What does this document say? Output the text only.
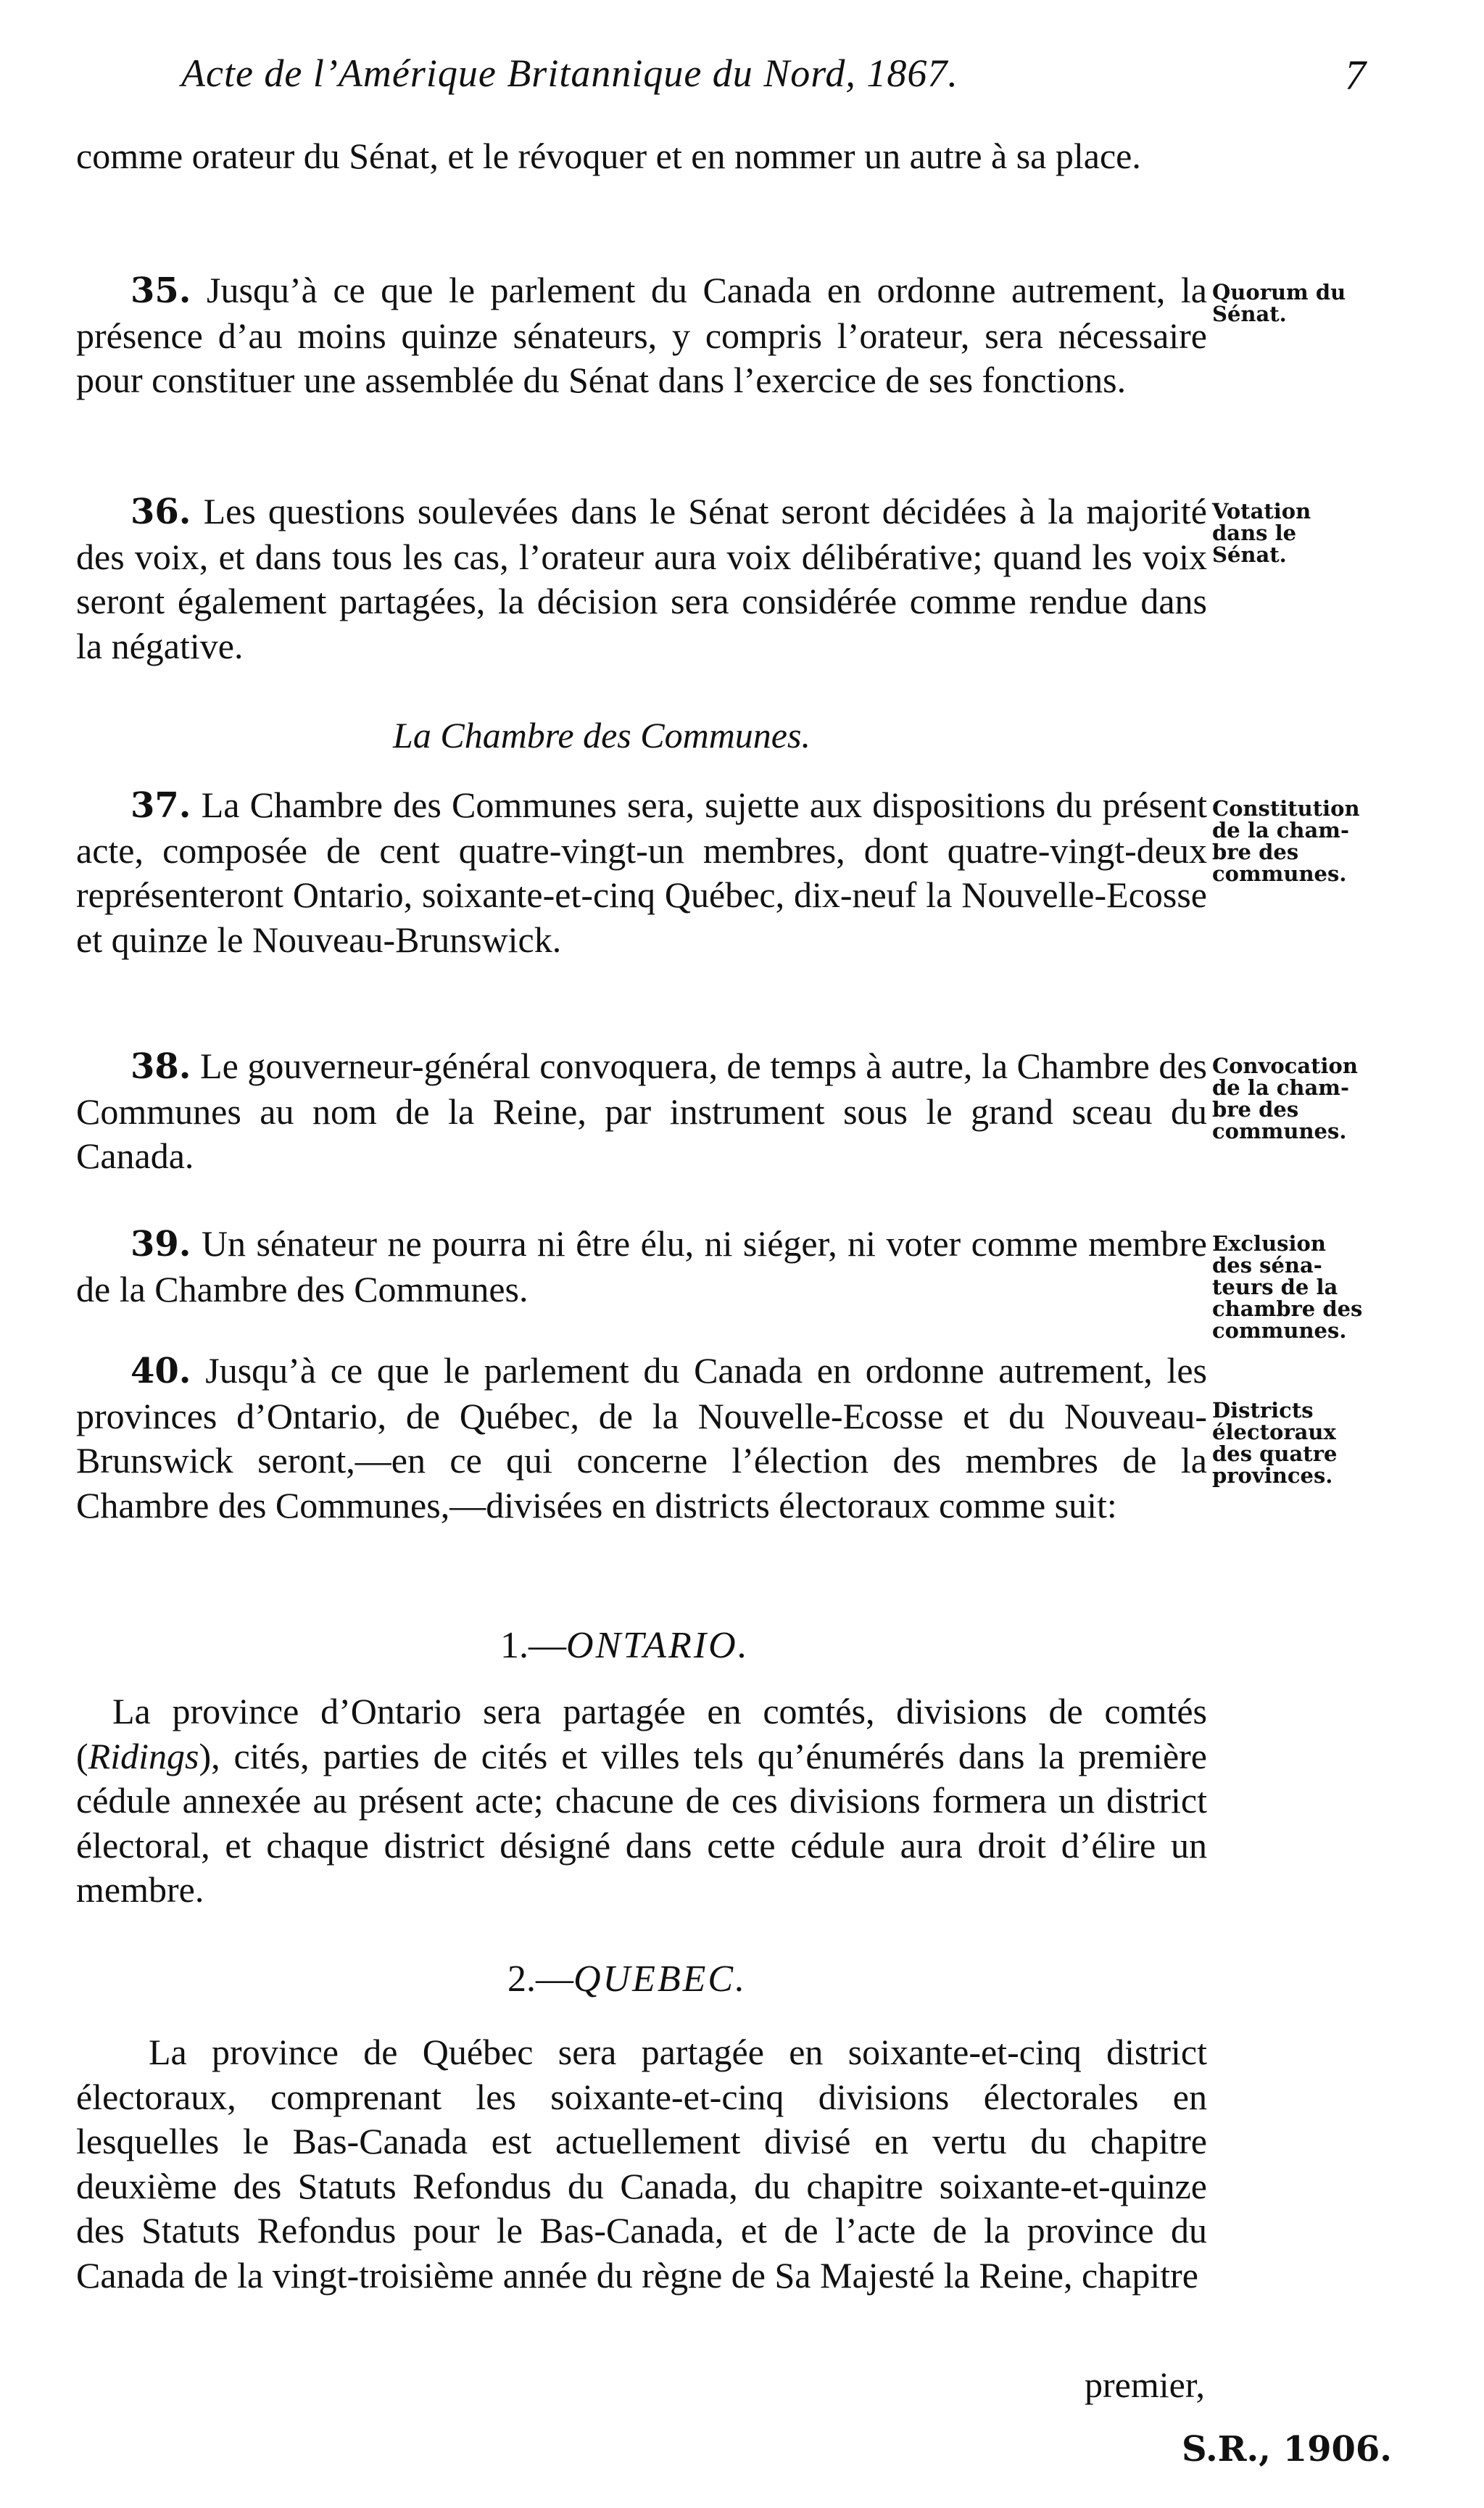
Acte de l’Amérique Britannique du Nord, 1867.	7
comme orateur du Sénat, et le révoquer et en nommer un autre à sa place.
  35. Jusqu’à ce que le parlement du Canada en ordonne autrement, la présence d’au moins quinze sénateurs, y compris l’orateur, sera nécessaire pour constituer une assemblée du Sénat dans l’exercice de ses fonctions.
Quorum du
Sénat.
  36. Les questions soulevées dans le Sénat seront décidées à la majorité des voix, et dans tous les cas, l’orateur aura voix délibérative; quand les voix seront également partagées, la décision sera considérée comme rendue dans la négative.
Votation
dans le
Sénat.
La Chambre des Communes.
  37. La Chambre des Communes sera, sujette aux dispositions du présent acte, composée de cent quatre-vingt-un membres, dont quatre-vingt-deux représenteront Ontario, soixante-et-cinq Québec, dix-neuf la Nouvelle-Ecosse et quinze le Nouveau-Brunswick.
Constitution
de la cham-
bre des
communes.
  38. Le gouverneur-général convoquera, de temps à autre, la Chambre des Communes au nom de la Reine, par instrument sous le grand sceau du Canada.
Convocation
de la cham-
bre des
communes.
  39. Un sénateur ne pourra ni être élu, ni siéger, ni voter comme membre de la Chambre des Communes.
Exclusion
des séna-
teurs de la
chambre des
communes.
  40. Jusqu’à ce que le parlement du Canada en ordonne autrement, les provinces d’Ontario, de Québec, de la Nouvelle-Ecosse et du Nouveau-Brunswick seront,—en ce qui concerne l’élection des membres de la Chambre des Communes,—divisées en districts électoraux comme suit:
Districts
électoraux
des quatre
provinces.
1.—ONTARIO.
 La province d’Ontario sera partagée en comtés, divisions de comtés (Ridings), cités, parties de cités et villes tels qu’énumérés dans la première cédule annexée au présent acte; chacune de ces divisions formera un district électoral, et chaque district désigné dans cette cédule aura droit d’élire un membre.
2.—QUEBEC.
  La province de Québec sera partagée en soixante-et-cinq district électoraux, comprenant les soixante-et-cinq divisions électorales en lesquelles le Bas-Canada est actuellement divisé en vertu du chapitre deuxième des Statuts Refondus du Canada, du chapitre soixante-et-quinze des Statuts Refondus pour le Bas-Canada, et de l’acte de la province du Canada de la vingt-troisième année du règne de Sa Majesté la Reine, chapitre
premier,
S.R., 1906.
